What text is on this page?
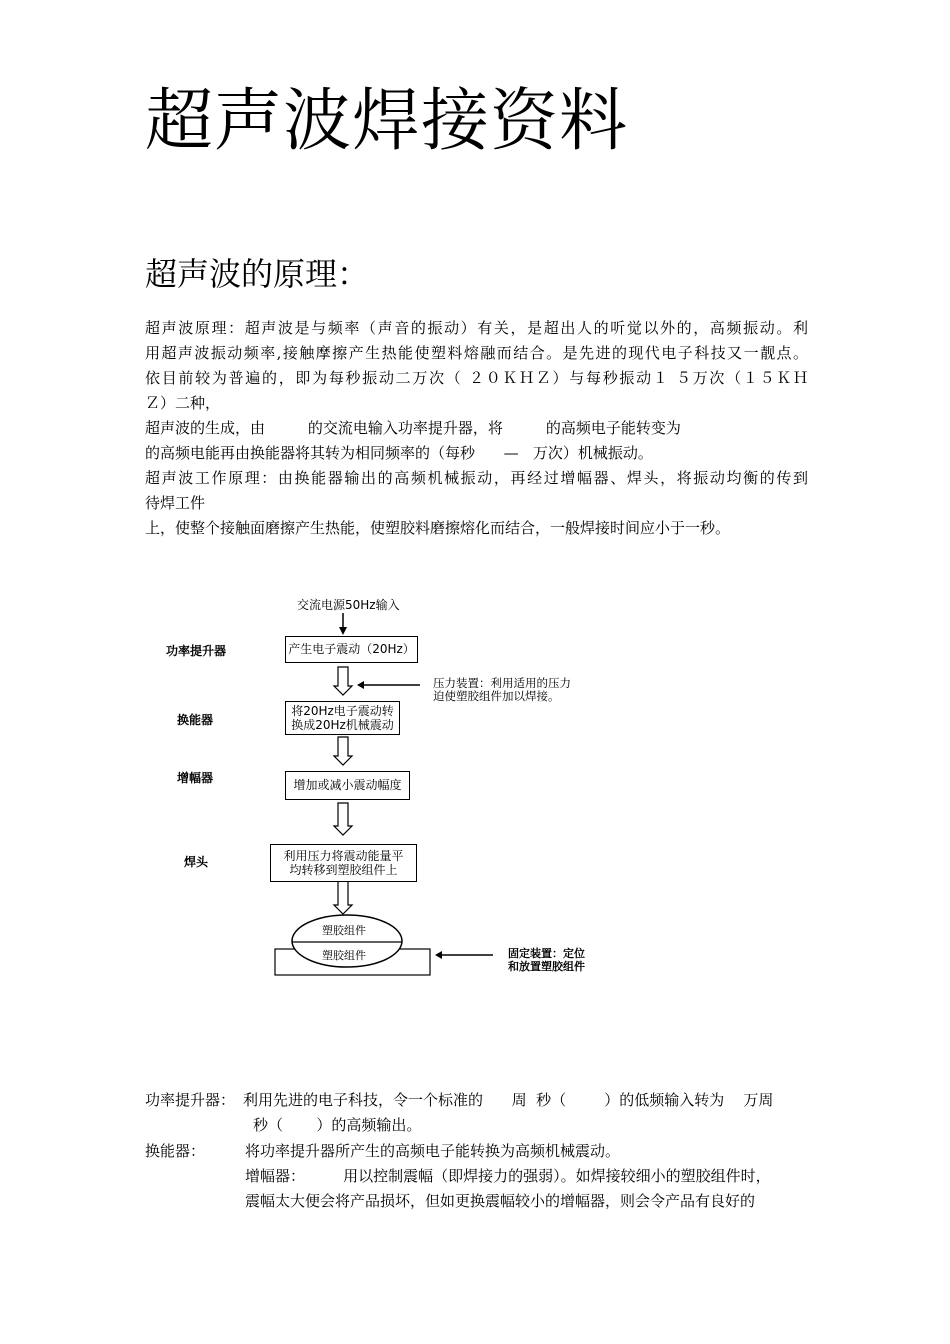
超声波焊接资料
超声波的原理：
超声波原理：超声波是与频率（声音的振动）有关，是超出人的听觉以外的，高频振动。利
用超声波振动频率,接触摩擦产生热能使塑料熔融而结合。是先进的现代电子科技又一靓点。
依目前较为普遍的，即为每秒振动二万次（ ２０ＫＨＺ）与每秒振动１ ５万次（１５ＫＨ
Ｚ）二种，
超声波的生成，由         的交流电输入功率提升器，将         的高频电子能转变为
的高频电能再由换能器将其转为相同频率的（每秒      —   万次）机械振动。
超声波工作原理：由换能器输出的高频机械振动，再经过增幅器、焊头，将振动均衡的传到
待焊工件
上，使整个接触面磨擦产生热能，使塑胶料磨擦熔化而结合，一般焊接时间应小于一秒。
交流电源50Hz输入
功率提升器	产生电子震动（20Hz）
换能器
将20Hz电子震动转
换成20Hz机械震动
增幅器	增加或减小震动幅度
焊头	利用压力将震动能量平
均转移到塑胶组件上
压力装置：利用适用的压力
迫使塑胶组件加以焊接。
塑胶组件
塑胶组件	固定装置：定位
和放置塑胶组件
功率提升器： 利用先进的电子科技，令一个标准的      周  秒（        ）的低频输入转为    万周
秒（       ）的高频输出。
换能器：	将功率提升器所产生的高频电子能转换为高频机械震动。
增幅器：        用以控制震幅（即焊接力的强弱）。如焊接较细小的塑胶组件时，
震幅太大便会将产品损坏，但如更换震幅较小的增幅器，则会令产品有良好的
